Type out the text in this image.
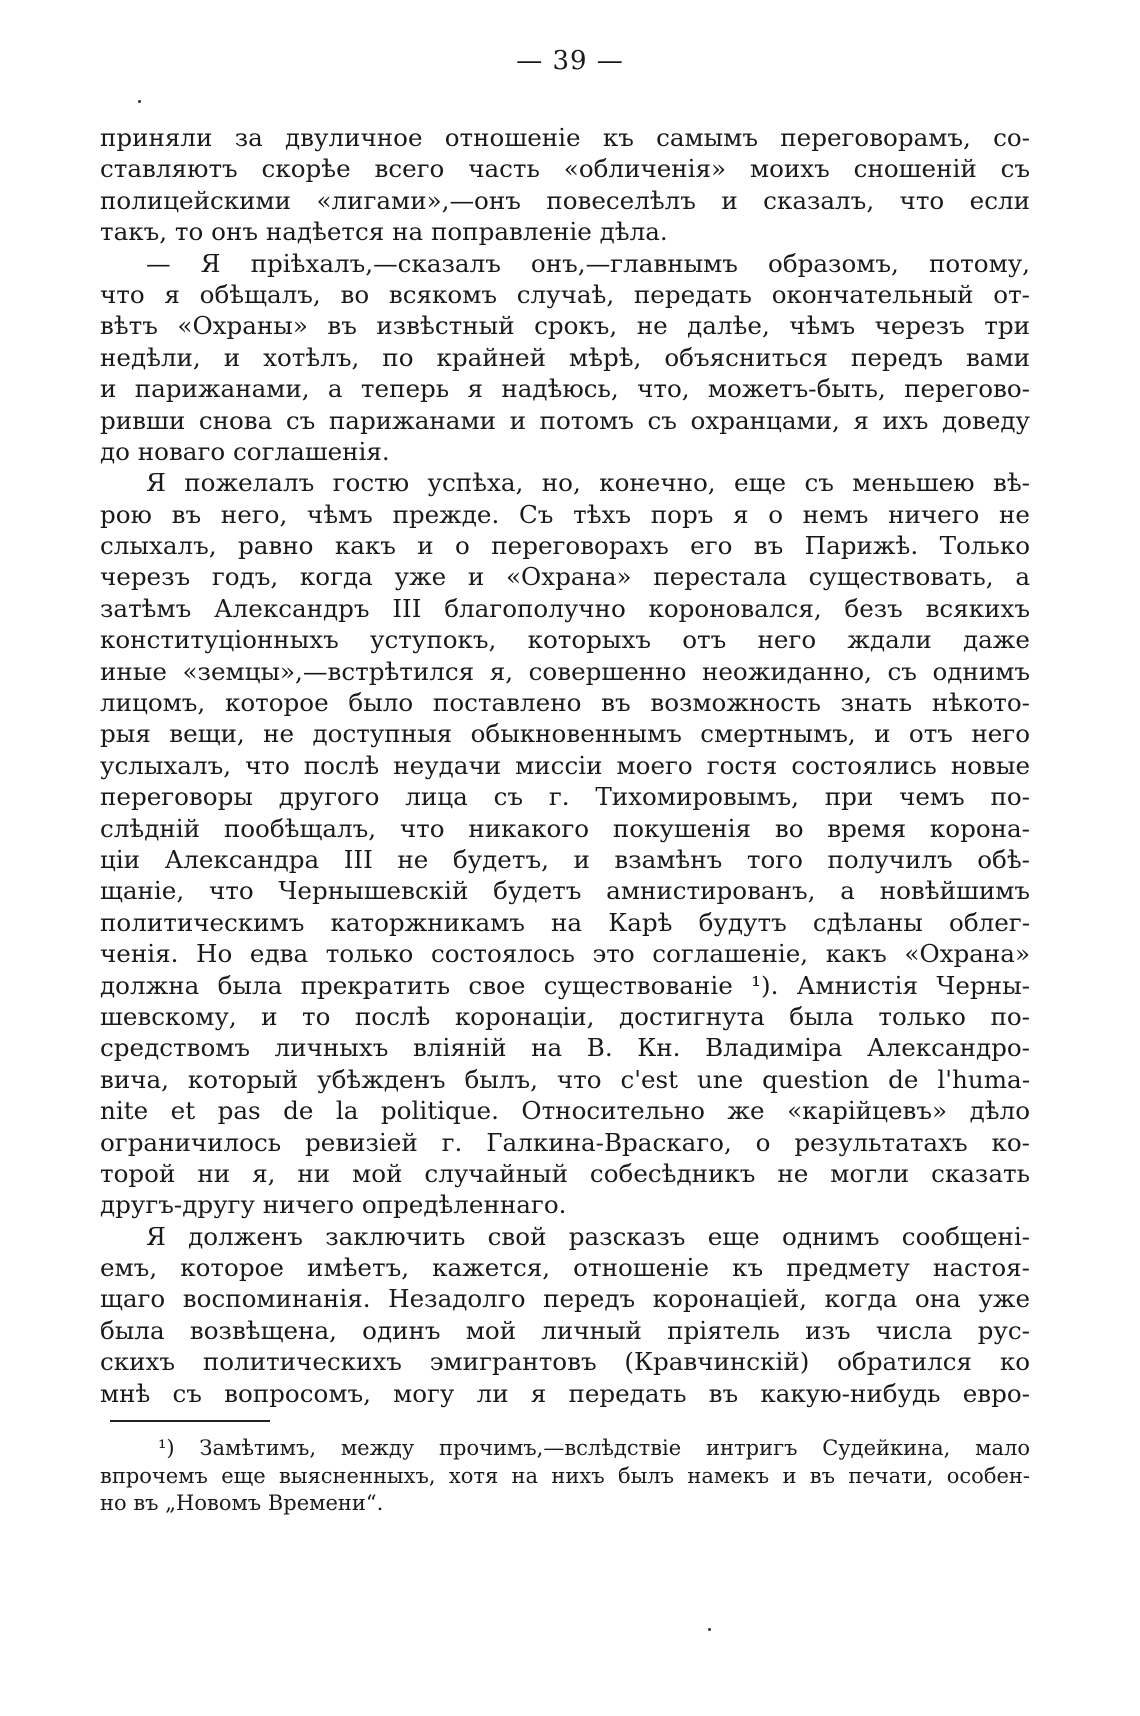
— 39 —
приняли за двуличное отношенiе къ самымъ переговорамъ, со-
ставляютъ скорѣе всего часть «обличенiя» моихъ сношенiй съ
полицейскими «лигами»,—онъ повеселѣлъ и сказалъ, что если
такъ, то онъ надѣется на поправленiе дѣла.
— Я прiѣхалъ,—сказалъ онъ,—главнымъ образомъ, потому,
что я обѣщалъ, во всякомъ случаѣ, передать окончательный от-
вѣтъ «Охраны» въ извѣстный срокъ, не далѣе, чѣмъ черезъ три
недѣли, и хотѣлъ, по крайней мѣрѣ, объясниться передъ вами
и парижанами, а теперь я надѣюсь, что, можетъ-быть, перегово-
ривши снова съ парижанами и потомъ съ охранцами, я ихъ доведу
до новаго соглашенiя.
Я пожелалъ гостю успѣха, но, конечно, еще съ меньшею вѣ-
рою въ него, чѣмъ прежде. Съ тѣхъ поръ я о немъ ничего не
слыхалъ, равно какъ и о переговорахъ его въ Парижѣ. Только
черезъ годъ, когда уже и «Охрана» перестала существовать, а
затѣмъ Александръ III благополучно короновался, безъ всякихъ
конституцiонныхъ уступокъ, которыхъ отъ него ждали даже
иные «земцы»,—встрѣтился я, совершенно неожиданно, съ однимъ
лицомъ, которое было поставлено въ возможность знать нѣкото-
рыя вещи, не доступныя обыкновеннымъ смертнымъ, и отъ него
услыхалъ, что послѣ неудачи миссiи моего гостя состоялись новые
переговоры другого лица съ г. Тихомировымъ, при чемъ по-
слѣднiй пообѣщалъ, что никакого покушенiя во время корона-
цiи Александра III не будетъ, и взамѣнъ того получилъ обѣ-
щанiе, что Чернышевскiй будетъ амнистированъ, а новѣйшимъ
политическимъ каторжникамъ на Карѣ будутъ сдѣланы облег-
ченiя. Но едва только состоялось это соглашенiе, какъ «Охрана»
должна была прекратить свое существованiе ¹). Амнистiя Черны-
шевскому, и то послѣ коронацiи, достигнута была только по-
средствомъ личныхъ влiянiй на В. Кн. Владимiра Александро-
вича, который убѣжденъ былъ, что c'est une question de l'huma-
nite et pas de la politique. Относительно же «карiйцевъ» дѣло
ограничилось ревизiей г. Галкина-Враскаго, о результатахъ ко-
торой ни я, ни мой случайный собесѣдникъ не могли сказать
другъ-другу ничего опредѣленнаго.
Я долженъ заключить свой разсказъ еще однимъ сообщенi-
емъ, которое имѣетъ, кажется, отношенiе къ предмету настоя-
щаго воспоминанiя. Незадолго передъ коронацiей, когда она уже
была возвѣщена, одинъ мой личный прiятель изъ числа рус-
скихъ политическихъ эмигрантовъ (Кравчинскiй) обратился ко
мнѣ съ вопросомъ, могу ли я передать въ какую-нибудь евро-
¹) Замѣтимъ, между прочимъ,—вслѣдствiе интригъ Судейкина, мало
впрочемъ еще выясненныхъ, хотя на нихъ былъ намекъ и въ печати, особен-
но въ „Новомъ Времени“.
